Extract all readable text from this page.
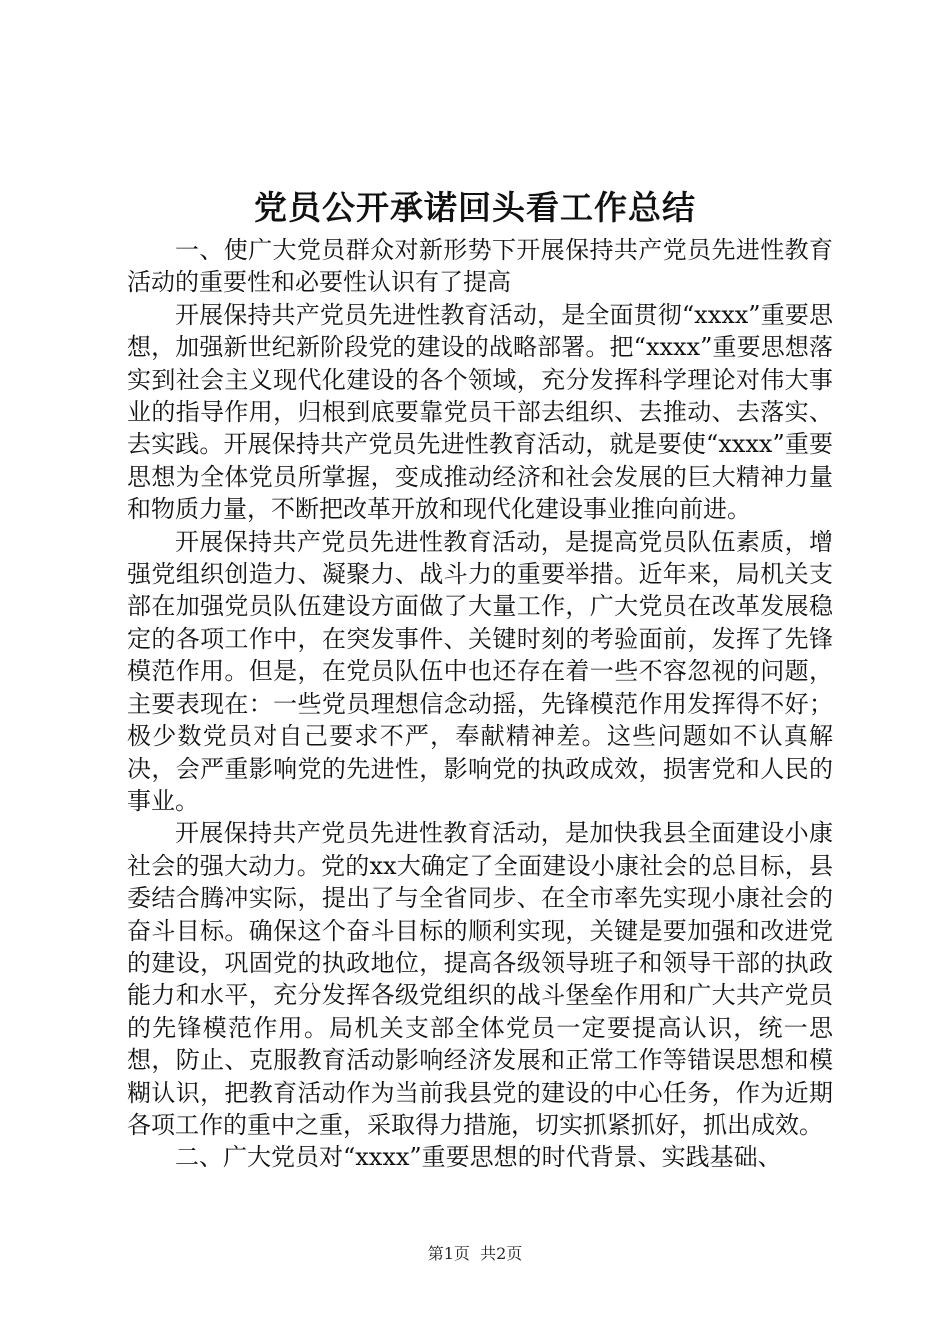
党员公开承诺回头看工作总结

一、使广大党员群众对新形势下开展保持共产党员先进性教育活动的重要性和必要性认识有了提高

开展保持共产党员先进性教育活动，是全面贯彻“xxxx”重要思想，加强新世纪新阶段党的建设的战略部署。把“xxxx”重要思想落实到社会主义现代化建设的各个领域，充分发挥科学理论对伟大事业的指导作用，归根到底要靠党员干部去组织、去推动、去落实、去实践。开展保持共产党员先进性教育活动，就是要使“xxxx”重要思想为全体党员所掌握，变成推动经济和社会发展的巨大精神力量和物质力量，不断把改革开放和现代化建设事业推向前进。

开展保持共产党员先进性教育活动，是提高党员队伍素质，增强党组织创造力、凝聚力、战斗力的重要举措。近年来，局机关支部在加强党员队伍建设方面做了大量工作，广大党员在改革发展稳定的各项工作中，在突发事件、关键时刻的考验面前，发挥了先锋模范作用。但是，在党员队伍中也还存在着一些不容忽视的问题，主要表现在：一些党员理想信念动摇，先锋模范作用发挥得不好；极少数党员对自己要求不严，奉献精神差。这些问题如不认真解决，会严重影响党的先进性，影响党的执政成效，损害党和人民的事业。

开展保持共产党员先进性教育活动，是加快我县全面建设小康社会的强大动力。党的xx大确定了全面建设小康社会的总目标，县委结合腾冲实际，提出了与全省同步、在全市率先实现小康社会的奋斗目标。确保这个奋斗目标的顺利实现，关键是要加强和改进党的建设，巩固党的执政地位，提高各级领导班子和领导干部的执政能力和水平，充分发挥各级党组织的战斗堡垒作用和广大共产党员的先锋模范作用。局机关支部全体党员一定要提高认识，统一思想，防止、克服教育活动影响经济发展和正常工作等错误思想和模糊认识，把教育活动作为当前我县党的建设的中心任务，作为近期各项工作的重中之重，采取得力措施，切实抓紧抓好，抓出成效。

二、广大党员对“xxxx”重要思想的时代背景、实践基础、

第1页 共2页
